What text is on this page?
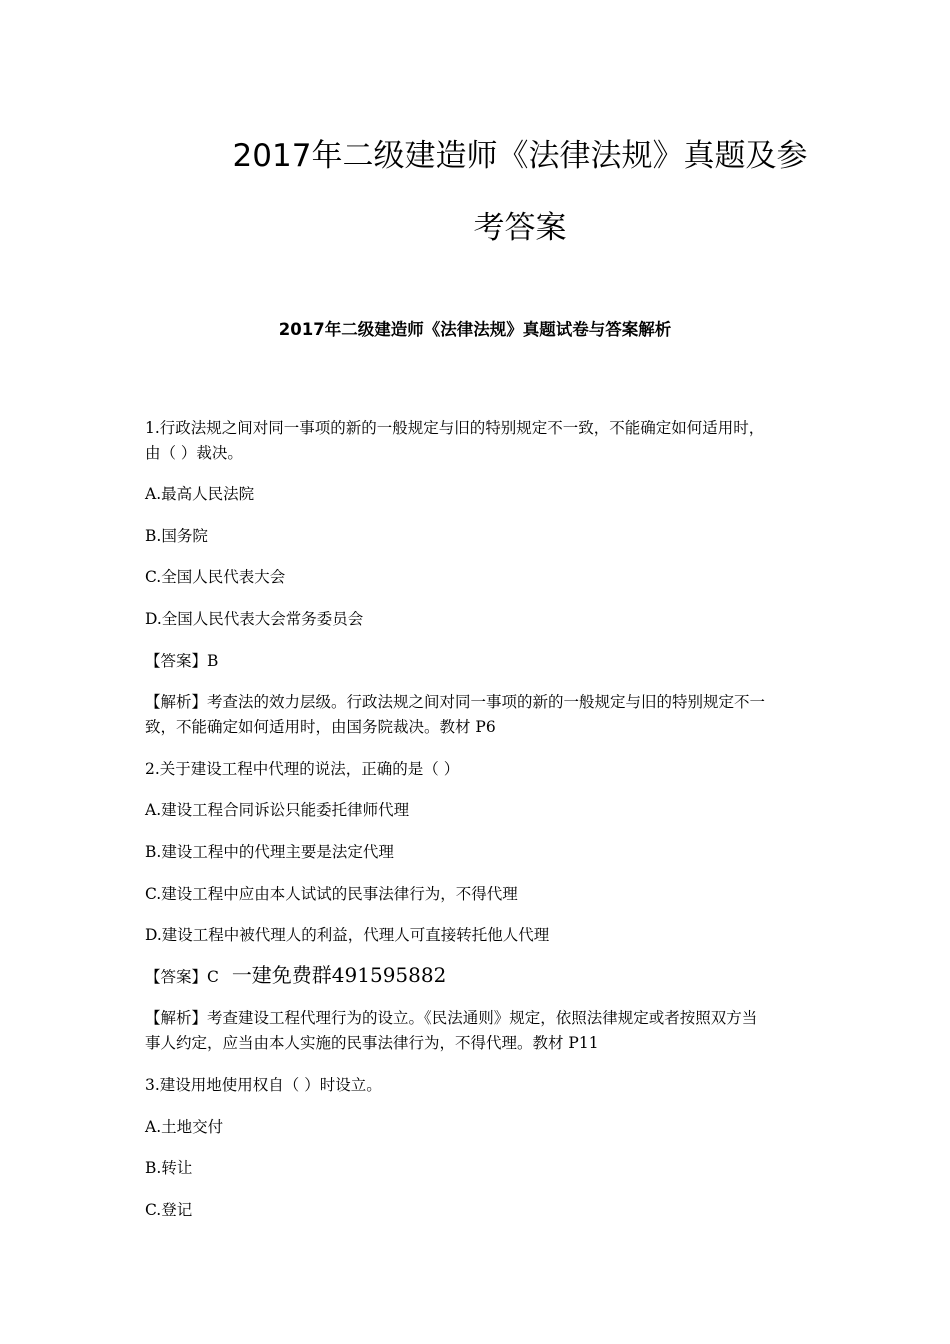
2017年二级建造师《法律法规》真题及参
考答案
2017年二级建造师《法律法规》真题试卷与答案解析

1.行政法规之间对同一事项的新的一般规定与旧的特别规定不一致，不能确定如何适用时，

由（ ）裁决。

A.最高人民法院

B.国务院

C.全国人民代表大会

D.全国人民代表大会常务委员会

【答案】B

【解析】考查法的效力层级。行政法规之间对同一事项的新的一般规定与旧的特别规定不一

致，不能确定如何适用时，由国务院裁决。教材 P6

2.关于建设工程中代理的说法，正确的是（ ）

A.建设工程合同诉讼只能委托律师代理

B.建设工程中的代理主要是法定代理

C.建设工程中应由本人试试的民事法律行为，不得代理

D.建设工程中被代理人的利益，代理人可直接转托他人代理

【答案】C 一建免费群491595882

【解析】考查建设工程代理行为的设立。《民法通则》规定，依照法律规定或者按照双方当

事人约定，应当由本人实施的民事法律行为，不得代理。教材 P11

3.建设用地使用权自（ ）时设立。

A.土地交付

B.转让

C.登记
